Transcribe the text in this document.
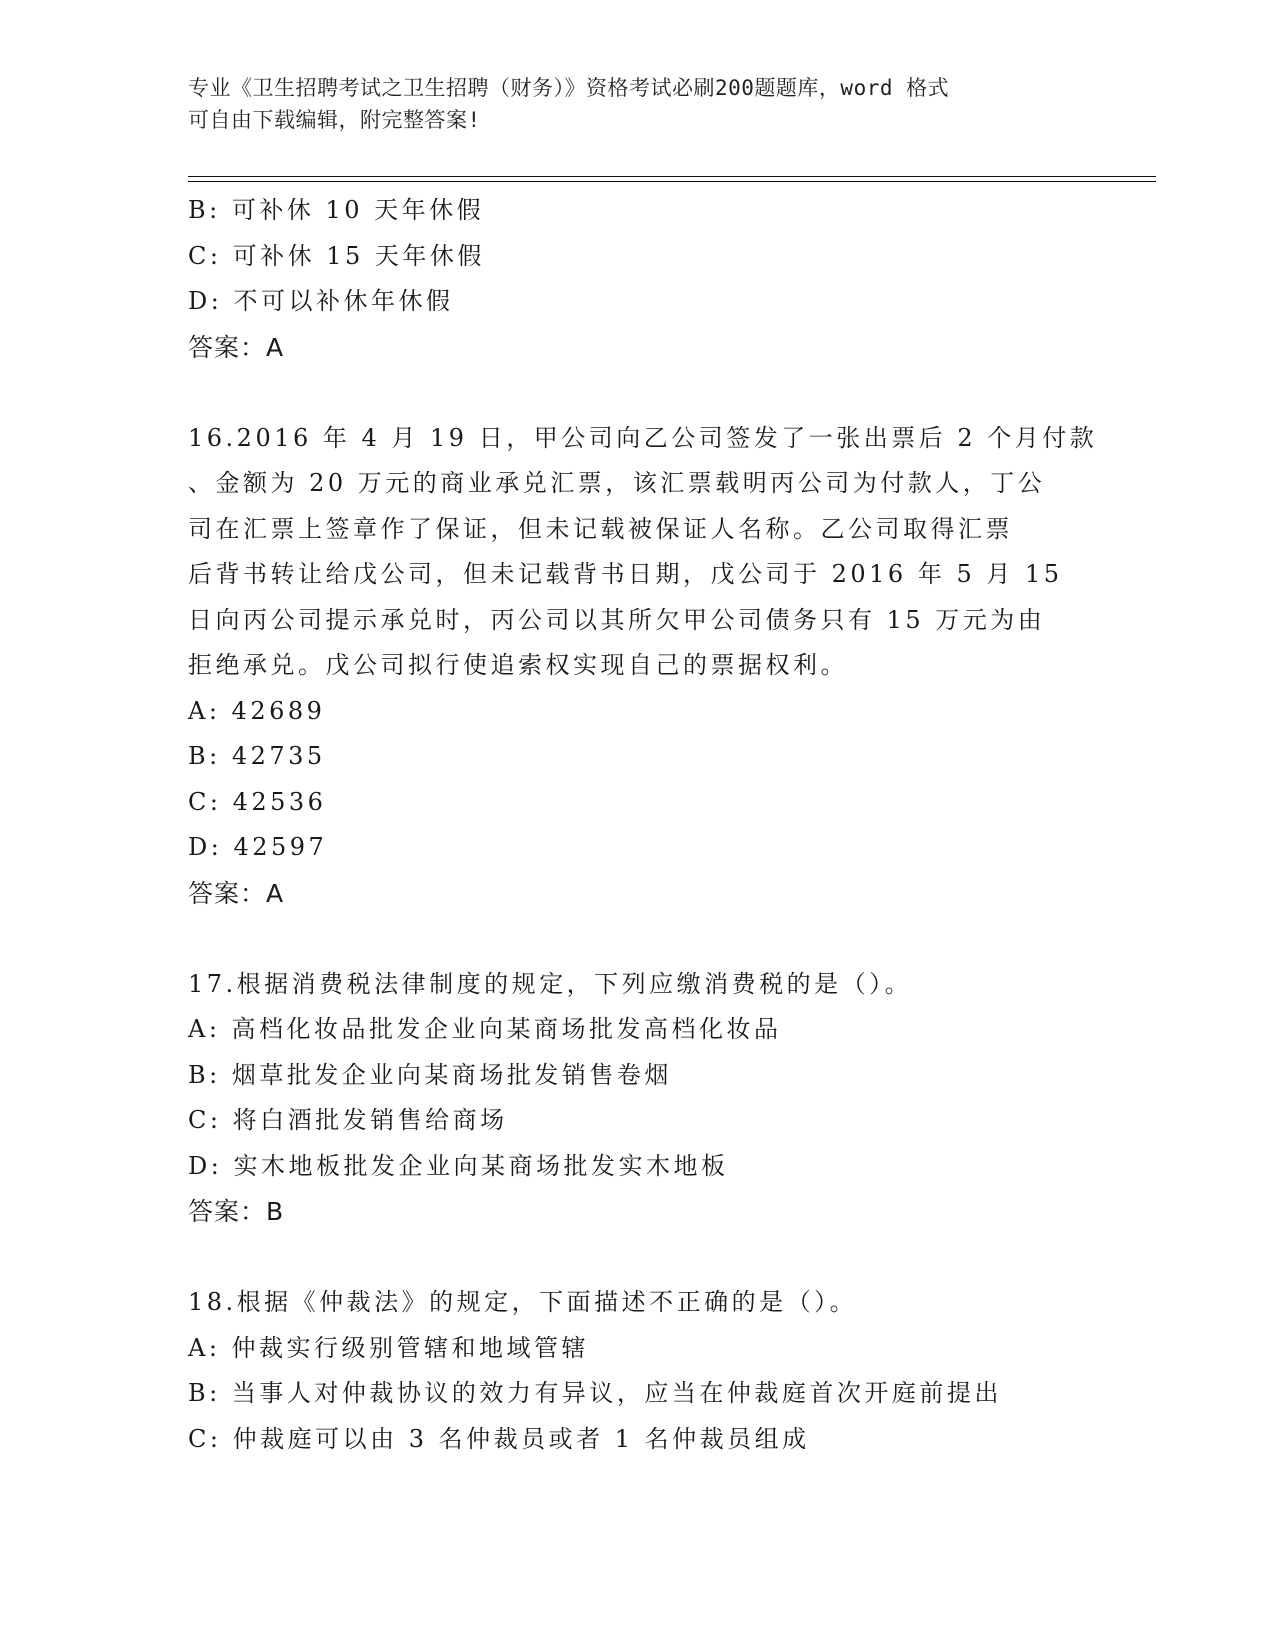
专业《卫生招聘考试之卫生招聘（财务）》资格考试必刷200题题库，word 格式
可自由下载编辑，附完整答案!
B: 可补休 10 天年休假
C: 可补休 15 天年休假
D: 不可以补休年休假
答案：A
16.2016 年 4 月 19 日，甲公司向乙公司签发了一张出票后 2 个月付款
、金额为 20 万元的商业承兑汇票，该汇票载明丙公司为付款人，丁公
司在汇票上签章作了保证，但未记载被保证人名称。乙公司取得汇票
后背书转让给戊公司，但未记载背书日期，戊公司于 2016 年 5 月 15
日向丙公司提示承兑时，丙公司以其所欠甲公司债务只有 15 万元为由
拒绝承兑。戊公司拟行使追索权实现自己的票据权利。
A: 42689
B: 42735
C: 42536
D: 42597
答案：A
17.根据消费税法律制度的规定，下列应缴消费税的是（）。
A: 高档化妆品批发企业向某商场批发高档化妆品
B: 烟草批发企业向某商场批发销售卷烟
C: 将白酒批发销售给商场
D: 实木地板批发企业向某商场批发实木地板
答案：B
18.根据《仲裁法》的规定，下面描述不正确的是（）。
A: 仲裁实行级别管辖和地域管辖
B: 当事人对仲裁协议的效力有异议，应当在仲裁庭首次开庭前提出
C: 仲裁庭可以由 3 名仲裁员或者 1 名仲裁员组成
